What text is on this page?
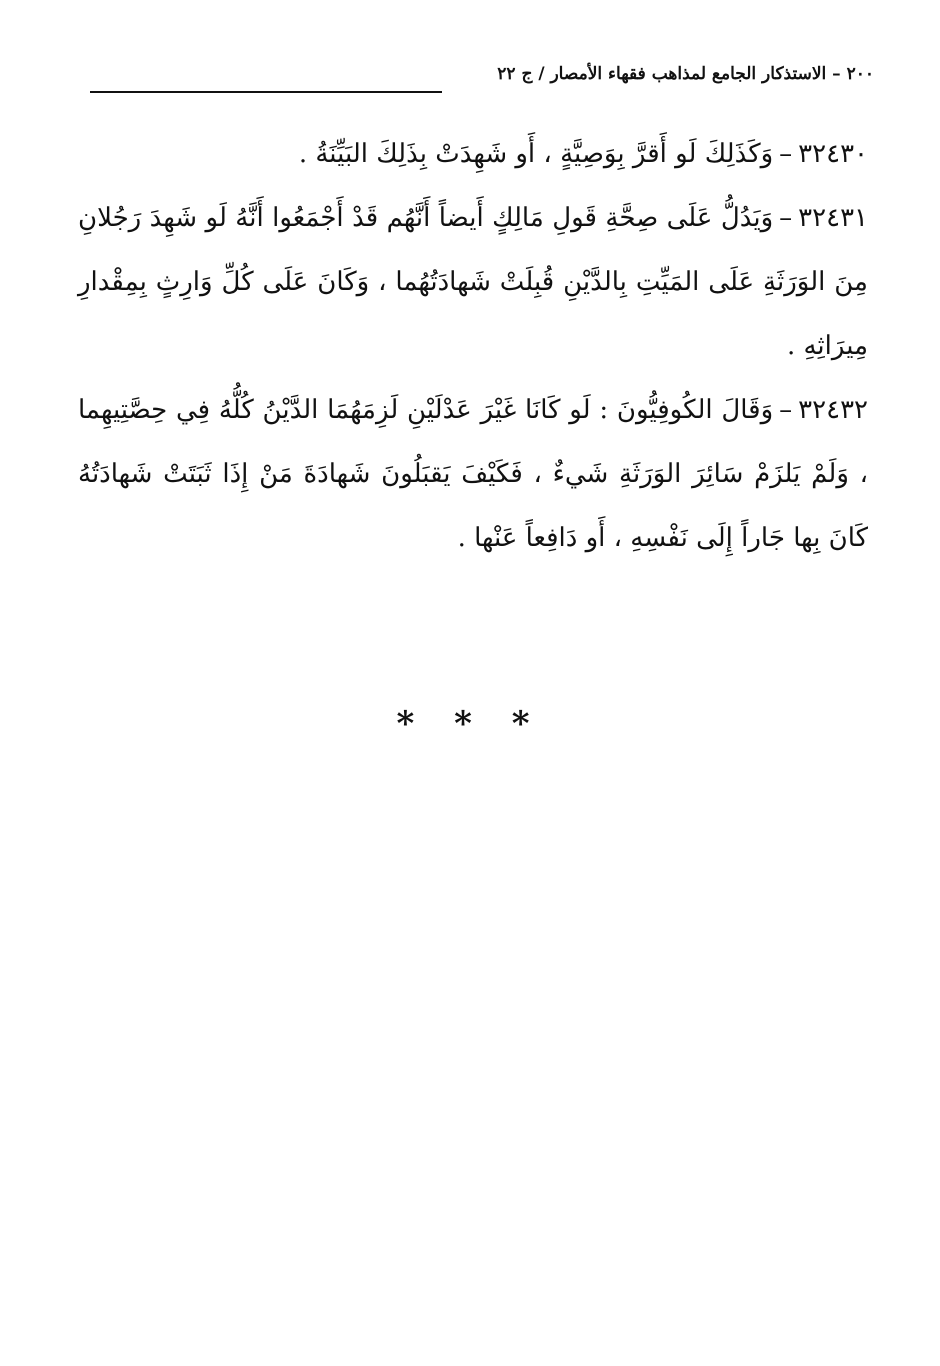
٢٠٠ – الاستذكار الجامع لمذاهب فقهاء الأمصار / ج ٢٢

٣٢٤٣٠–وَكَذَلِكَ لَو أَقرَّ بِوَصِيَّةٍ ، أَو شَهِدَتْ بِذَلِكَ البَيِّنَةُ .

٣٢٤٣١–وَيَدُلُّ عَلَى صِحَّةِ قَولِ مَالِكٍ أَيضاً أَنَّهُم قَدْ أَجْمَعُوا أَنَّهُ لَو شَهِدَ رَجُلانِ مِنَ الوَرَثَةِ عَلَى المَيِّتِ بِالدَّيْنِ قُبِلَتْ شَهادَتُهُما ، وَكَانَ عَلَى كُلِّ وَارِثٍ بِمِقْدارِ مِيرَاثِهِ .

٣٢٤٣٢–وَقَالَ الكُوفِيُّونَ : لَو كَانَا غَيْرَ عَدْلَيْنِ لَزِمَهُمَا الدَّيْنُ كُلُّهُ فِي حِصَّتِيهِما ، وَلَمْ يَلزَمْ سَائِرَ الوَرَثَةِ شَيءٌ ، فَكَيْفَ يَقبَلُونَ شَهادَةَ مَنْ إِذَا ثَبَتَتْ شَهادَتُهُ كَانَ بِها جَاراً إِلَى نَفْسِهِ ، أَو دَافِعاً عَنْها .

* * *
